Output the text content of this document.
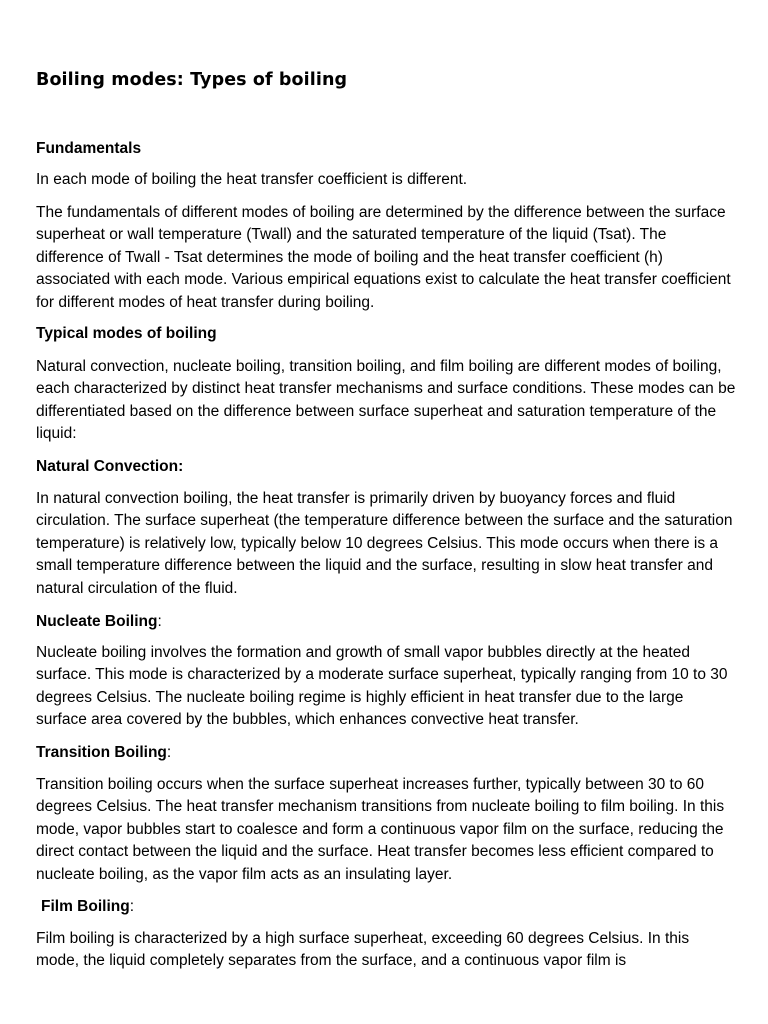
Boiling modes: Types of boiling

Fundamentals

In each mode of boiling the heat transfer coefficient is different.

The fundamentals of different modes of boiling are determined by the difference between the surface superheat or wall temperature (Twall) and the saturated temperature of the liquid (Tsat). The difference of Twall - Tsat determines the mode of boiling and the heat transfer coefficient (h) associated with each mode. Various empirical equations exist to calculate the heat transfer coefficient for different modes of heat transfer during boiling.

Typical modes of boiling

Natural convection, nucleate boiling, transition boiling, and film boiling are different modes of boiling, each characterized by distinct heat transfer mechanisms and surface conditions. These modes can be differentiated based on the difference between surface superheat and saturation temperature of the liquid:

Natural Convection:

In natural convection boiling, the heat transfer is primarily driven by buoyancy forces and fluid circulation. The surface superheat (the temperature difference between the surface and the saturation temperature) is relatively low, typically below 10 degrees Celsius. This mode occurs when there is a small temperature difference between the liquid and the surface, resulting in slow heat transfer and natural circulation of the fluid.

Nucleate Boiling:

Nucleate boiling involves the formation and growth of small vapor bubbles directly at the heated surface. This mode is characterized by a moderate surface superheat, typically ranging from 10 to 30 degrees Celsius. The nucleate boiling regime is highly efficient in heat transfer due to the large surface area covered by the bubbles, which enhances convective heat transfer.

Transition Boiling:

Transition boiling occurs when the surface superheat increases further, typically between 30 to 60 degrees Celsius. The heat transfer mechanism transitions from nucleate boiling to film boiling. In this mode, vapor bubbles start to coalesce and form a continuous vapor film on the surface, reducing the direct contact between the liquid and the surface. Heat transfer becomes less efficient compared to nucleate boiling, as the vapor film acts as an insulating layer.

Film Boiling:

Film boiling is characterized by a high surface superheat, exceeding 60 degrees Celsius. In this mode, the liquid completely separates from the surface, and a continuous vapor film is
